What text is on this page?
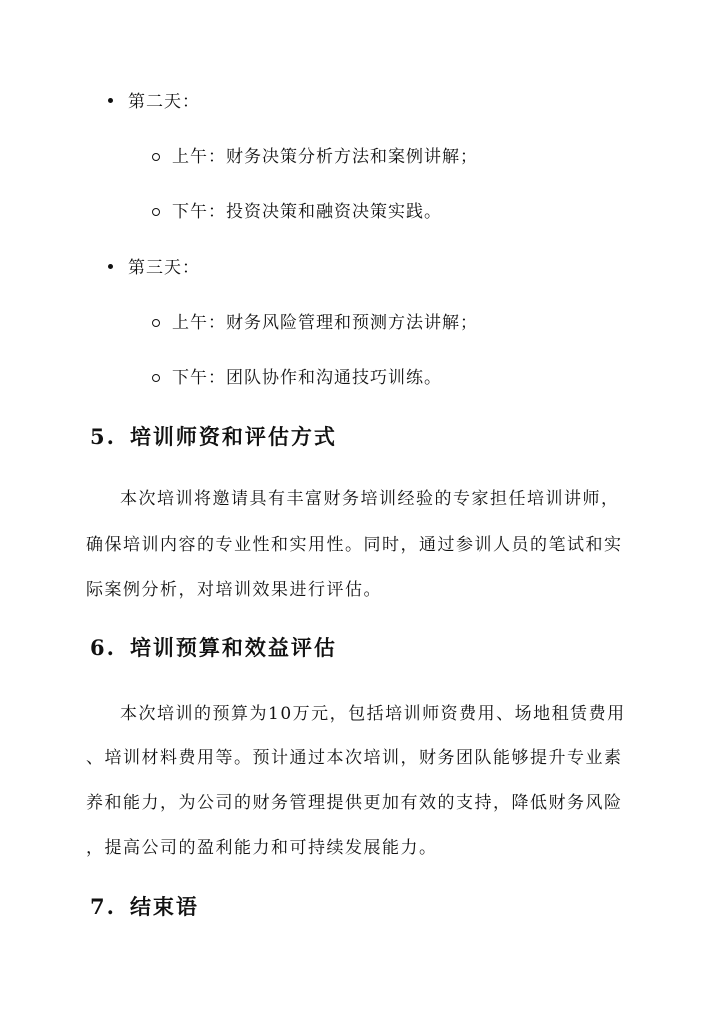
第二天：
上午：财务决策分析方法和案例讲解；
下午：投资决策和融资决策实践。
第三天：
上午：财务风险管理和预测方法讲解；
下午：团队协作和沟通技巧训练。
5. 培训师资和评估方式
本次培训将邀请具有丰富财务培训经验的专家担任培训讲师，
确保培训内容的专业性和实用性。同时，通过参训人员的笔试和实
际案例分析，对培训效果进行评估。
6. 培训预算和效益评估
本次培训的预算为10万元，包括培训师资费用、场地租赁费用
、培训材料费用等。预计通过本次培训，财务团队能够提升专业素
养和能力，为公司的财务管理提供更加有效的支持，降低财务风险
，提高公司的盈利能力和可持续发展能力。
7. 结束语
